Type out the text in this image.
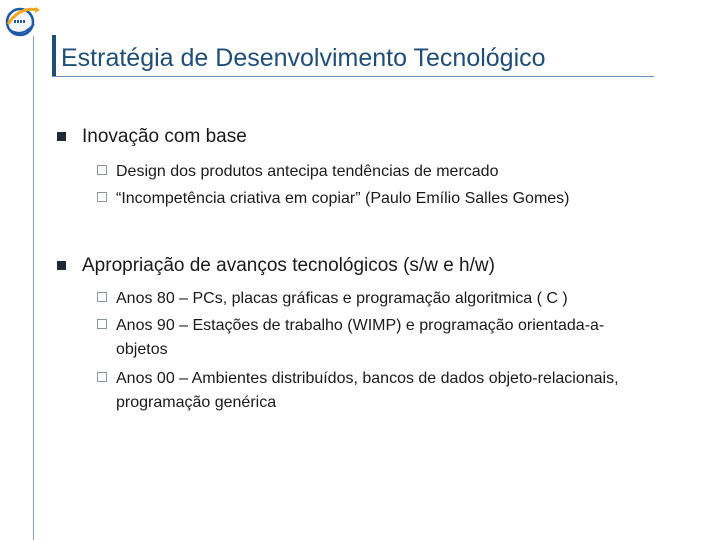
Estratégia de Desenvolvimento Tecnológico
Inovação com base
Design dos produtos antecipa tendências de mercado
“Incompetência criativa em copiar” (Paulo Emílio Salles Gomes)
Apropriação de avanços tecnológicos (s/w e h/w)
Anos 80 – PCs, placas gráficas e programação algoritmica ( C )
Anos 90 – Estações de trabalho (WIMP) e programação orientada-a-
objetos
Anos 00 – Ambientes distribuídos, bancos de dados objeto-relacionais,
programação genérica
